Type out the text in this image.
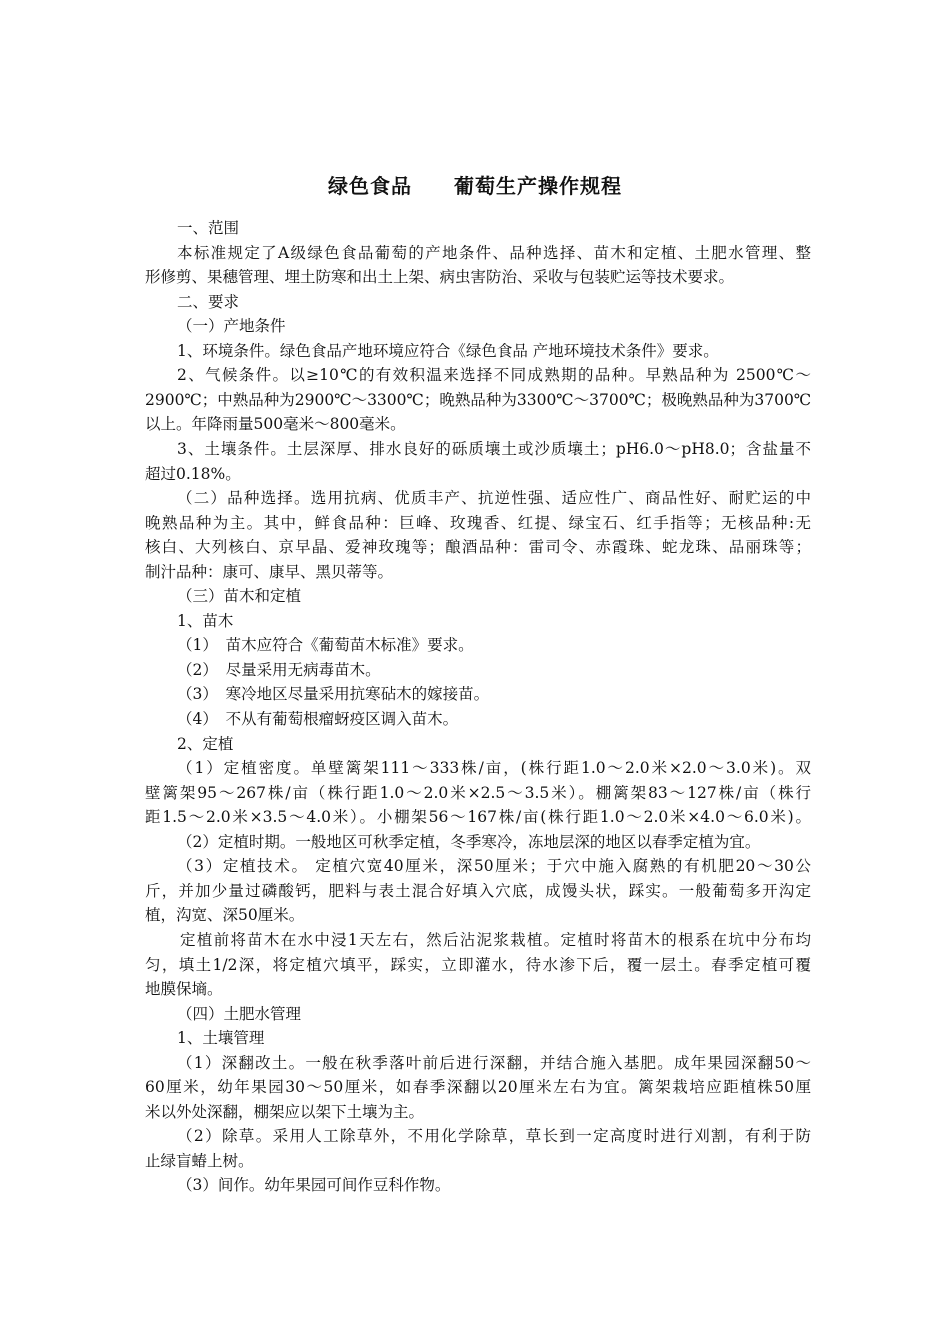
绿色食品　　葡萄生产操作规程
一、范围
本标准规定了A级绿色食品葡萄的产地条件、品种选择、苗木和定植、土肥水管理、整
形修剪、果穗管理、埋土防寒和出土上架、病虫害防治、采收与包装贮运等技术要求。
二、要求
（一）产地条件
1、环境条件。绿色食品产地环境应符合《绿色食品 产地环境技术条件》要求。
2、气候条件。以≥10℃的有效积温来选择不同成熟期的品种。早熟品种为 2500℃～
2900℃；中熟品种为2900℃～3300℃；晚熟品种为3300℃～3700℃；极晚熟品种为3700℃
以上。年降雨量500毫米～800毫米。
3、土壤条件。土层深厚、排水良好的砾质壤土或沙质壤土；pH6.0～pH8.0；含盐量不
超过0.18%。
（二）品种选择。选用抗病、优质丰产、抗逆性强、适应性广、商品性好、耐贮运的中
晚熟品种为主。其中，鲜食品种：巨峰、玫瑰香、红提、绿宝石、红手指等；无核品种:无
核白、大列核白、京早晶、爱神玫瑰等；酿酒品种：雷司令、赤霞珠、蛇龙珠、品丽珠等；
制汁品种：康可、康早、黑贝蒂等。
（三）苗木和定植
1、苗木
（1）　苗木应符合《葡萄苗木标准》要求。
（2）　尽量采用无病毒苗木。
（3）　寒冷地区尽量采用抗寒砧木的嫁接苗。
（4）　不从有葡萄根瘤蚜疫区调入苗木。
2、定植
（1）定植密度。单壁篱架111～333株/亩，(株行距1.0～2.0米×2.0～3.0米)。双
壁篱架95～267株/亩（株行距1.0～2.0米×2.5～3.5米）。棚篱架83～127株/亩（株行
距1.5～2.0米×3.5～4.0米）。小棚架56～167株/亩(株行距1.0～2.0米×4.0～6.0米)。
（2）定植时期。一般地区可秋季定植，冬季寒冷，冻地层深的地区以春季定植为宜。
（3）定植技术。 定植穴宽40厘米，深50厘米；于穴中施入腐熟的有机肥20～30公
斤，并加少量过磷酸钙，肥料与表土混合好填入穴底，成馒头状，踩实。一般葡萄多开沟定
植，沟宽、深50厘米。
定植前将苗木在水中浸1天左右，然后沾泥浆栽植。定植时将苗木的根系在坑中分布均
匀，填土1/2深，将定植穴填平，踩实，立即灌水，待水渗下后，覆一层土。春季定植可覆
地膜保墒。
（四）土肥水管理
1、土壤管理
（1）深翻改土。一般在秋季落叶前后进行深翻，并结合施入基肥。成年果园深翻50～
60厘米，幼年果园30～50厘米，如春季深翻以20厘米左右为宜。篱架栽培应距植株50厘
米以外处深翻，棚架应以架下土壤为主。
（2）除草。采用人工除草外，不用化学除草，草长到一定高度时进行刈割，有利于防
止绿盲蝽上树。
（3）间作。幼年果园可间作豆科作物。
